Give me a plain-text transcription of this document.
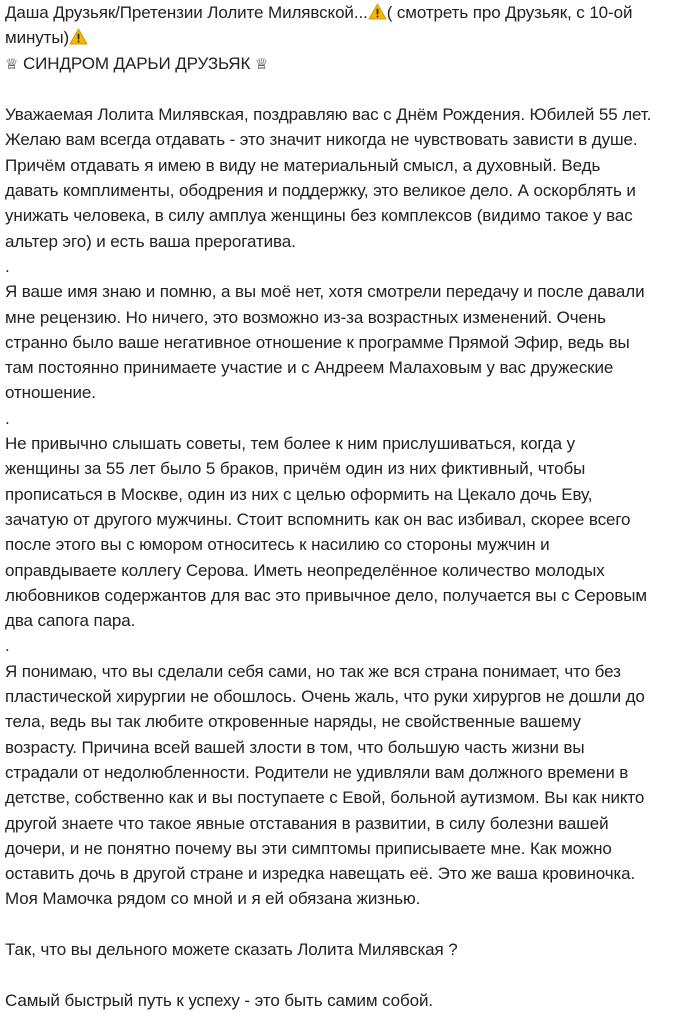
Даша Друзьяк/Претензии Лолите Милявской... ( смотреть про Друзьяк, с 10-ой

минуты)

♕ СИНДРОМ ДАРЬИ ДРУЗЬЯК ♕

Уважаемая Лолита Милявская, поздравляю вас с Днём Рождения. Юбилей 55 лет.

Желаю вам всегда отдавать - это значит никогда не чувствовать зависти в душе.

Причём отдавать я имею в виду не материальный смысл, а духовный. Ведь

давать комплименты, ободрения и поддержку, это великое дело. А оскорблять и

унижать человека, в силу амплуа женщины без комплексов (видимо такое у вас

альтер эго) и есть ваша прерогатива.

.

Я ваше имя знаю и помню, а вы моё нет, хотя смотрели передачу и после давали

мне рецензию. Но ничего, это возможно из-за возрастных изменений. Очень

странно было ваше негативное отношение к программе Прямой Эфир, ведь вы

там постоянно принимаете участие и с Андреем Малаховым у вас дружеские

отношение.

.

Не привычно слышать советы, тем более к ним прислушиваться, когда у

женщины за 55 лет было 5 браков, причём один из них фиктивный, чтобы

прописаться в Москве, один из них с целью оформить на Цекало дочь Еву,

зачатую от другого мужчины. Стоит вспомнить как он вас избивал, скорее всего

после этого вы с юмором относитесь к насилию со стороны мужчин и

оправдываете коллегу Серова. Иметь неопределённое количество молодых

любовников содержантов для вас это привычное дело, получается вы с Серовым

два сапога пара.

.

Я понимаю, что вы сделали себя сами, но так же вся страна понимает, что без

пластической хирургии не обошлось. Очень жаль, что руки хирургов не дошли до

тела, ведь вы так любите откровенные наряды, не свойственные вашему

возрасту. Причина всей вашей злости в том, что большую часть жизни вы

страдали от недолюбленности. Родители не удивляли вам должного времени в

детстве, собственно как и вы поступаете с Евой, больной аутизмом. Вы как никто

другой знаете что такое явные отставания в развитии, в силу болезни вашей

дочери, и не понятно почему вы эти симптомы приписываете мне. Как можно

оставить дочь в другой стране и изредка навещать её. Это же ваша кровиночка.

Моя Мамочка рядом со мной и я ей обязана жизнью.

Так, что вы дельного можете сказать Лолита Милявская ?

Самый быстрый путь к успеху - это быть самим собой.
